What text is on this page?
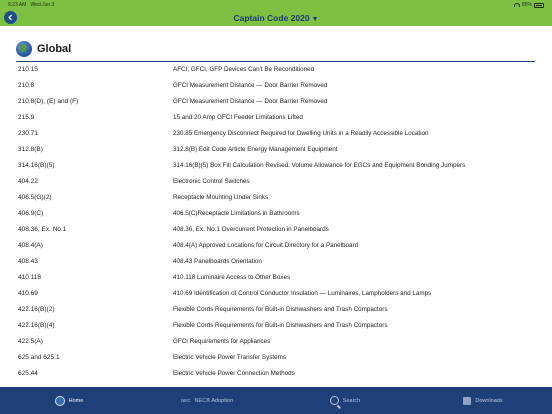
9:23 AM Wed Jun 3	85%
Captain Code 2020 ▼
Global
210.15	AFCI, GFCI, GFP Devices Can't Be Reconditioned
210.8	GFCI Measurement Distance — Door Barrier Removed
210.8(D), (E) and (F)	GFCI Measurement Distance — Door Barrier Removed
215.9	15 and 20 Amp GFCI Feeder Limitations Lifted
230.71	230.85 Emergency Disconnect Required for Dwelling Units in a Readily Accessible Location
312.8(B)	312.8(B) Edit Code Article Energy Management Equipment
314.16(B)(5)	314.16(B)(5) Box Fill Calculation Revised. Volume Allowance for EGCs and Equipment Bonding Jumpers
404.22	Electronic Control Switches
406.5(G)(2)	Receptacle Mounting Under Sinks
406.9(C)	406.5(C)Receptacle Limitations in Bathrooms
408.36, Ex. No.1	408.36, Ex. No.1 Overcurrent Protection in Panelboards
408.4(A)	408.4(A) Approved Locations for Circuit Directory for a Panelboard
408.43	408.43 Panelboards Orientation
410.118	410.118 Luminaire Access to Other Boxes
410.69	410.69 Identification of Control Conductor Insulation — Luminaires, Lampholders and Lamps
422.16(B)(2)	Flexible Cords Requirements for Built-in Dishwashers and Trash Compactors
422.16(B)(4)	Flexible Cords Requirements for Built-in Dishwashers and Trash Compactors
422.5(A)	GFCI Requirements for Appliances
625 and 625.1	Electric Vehicle Power Transfer Systems
625.44	Electric Vehicle Power Connection Methods
Home	NEC NEC® Adoption	Search	Downloads
